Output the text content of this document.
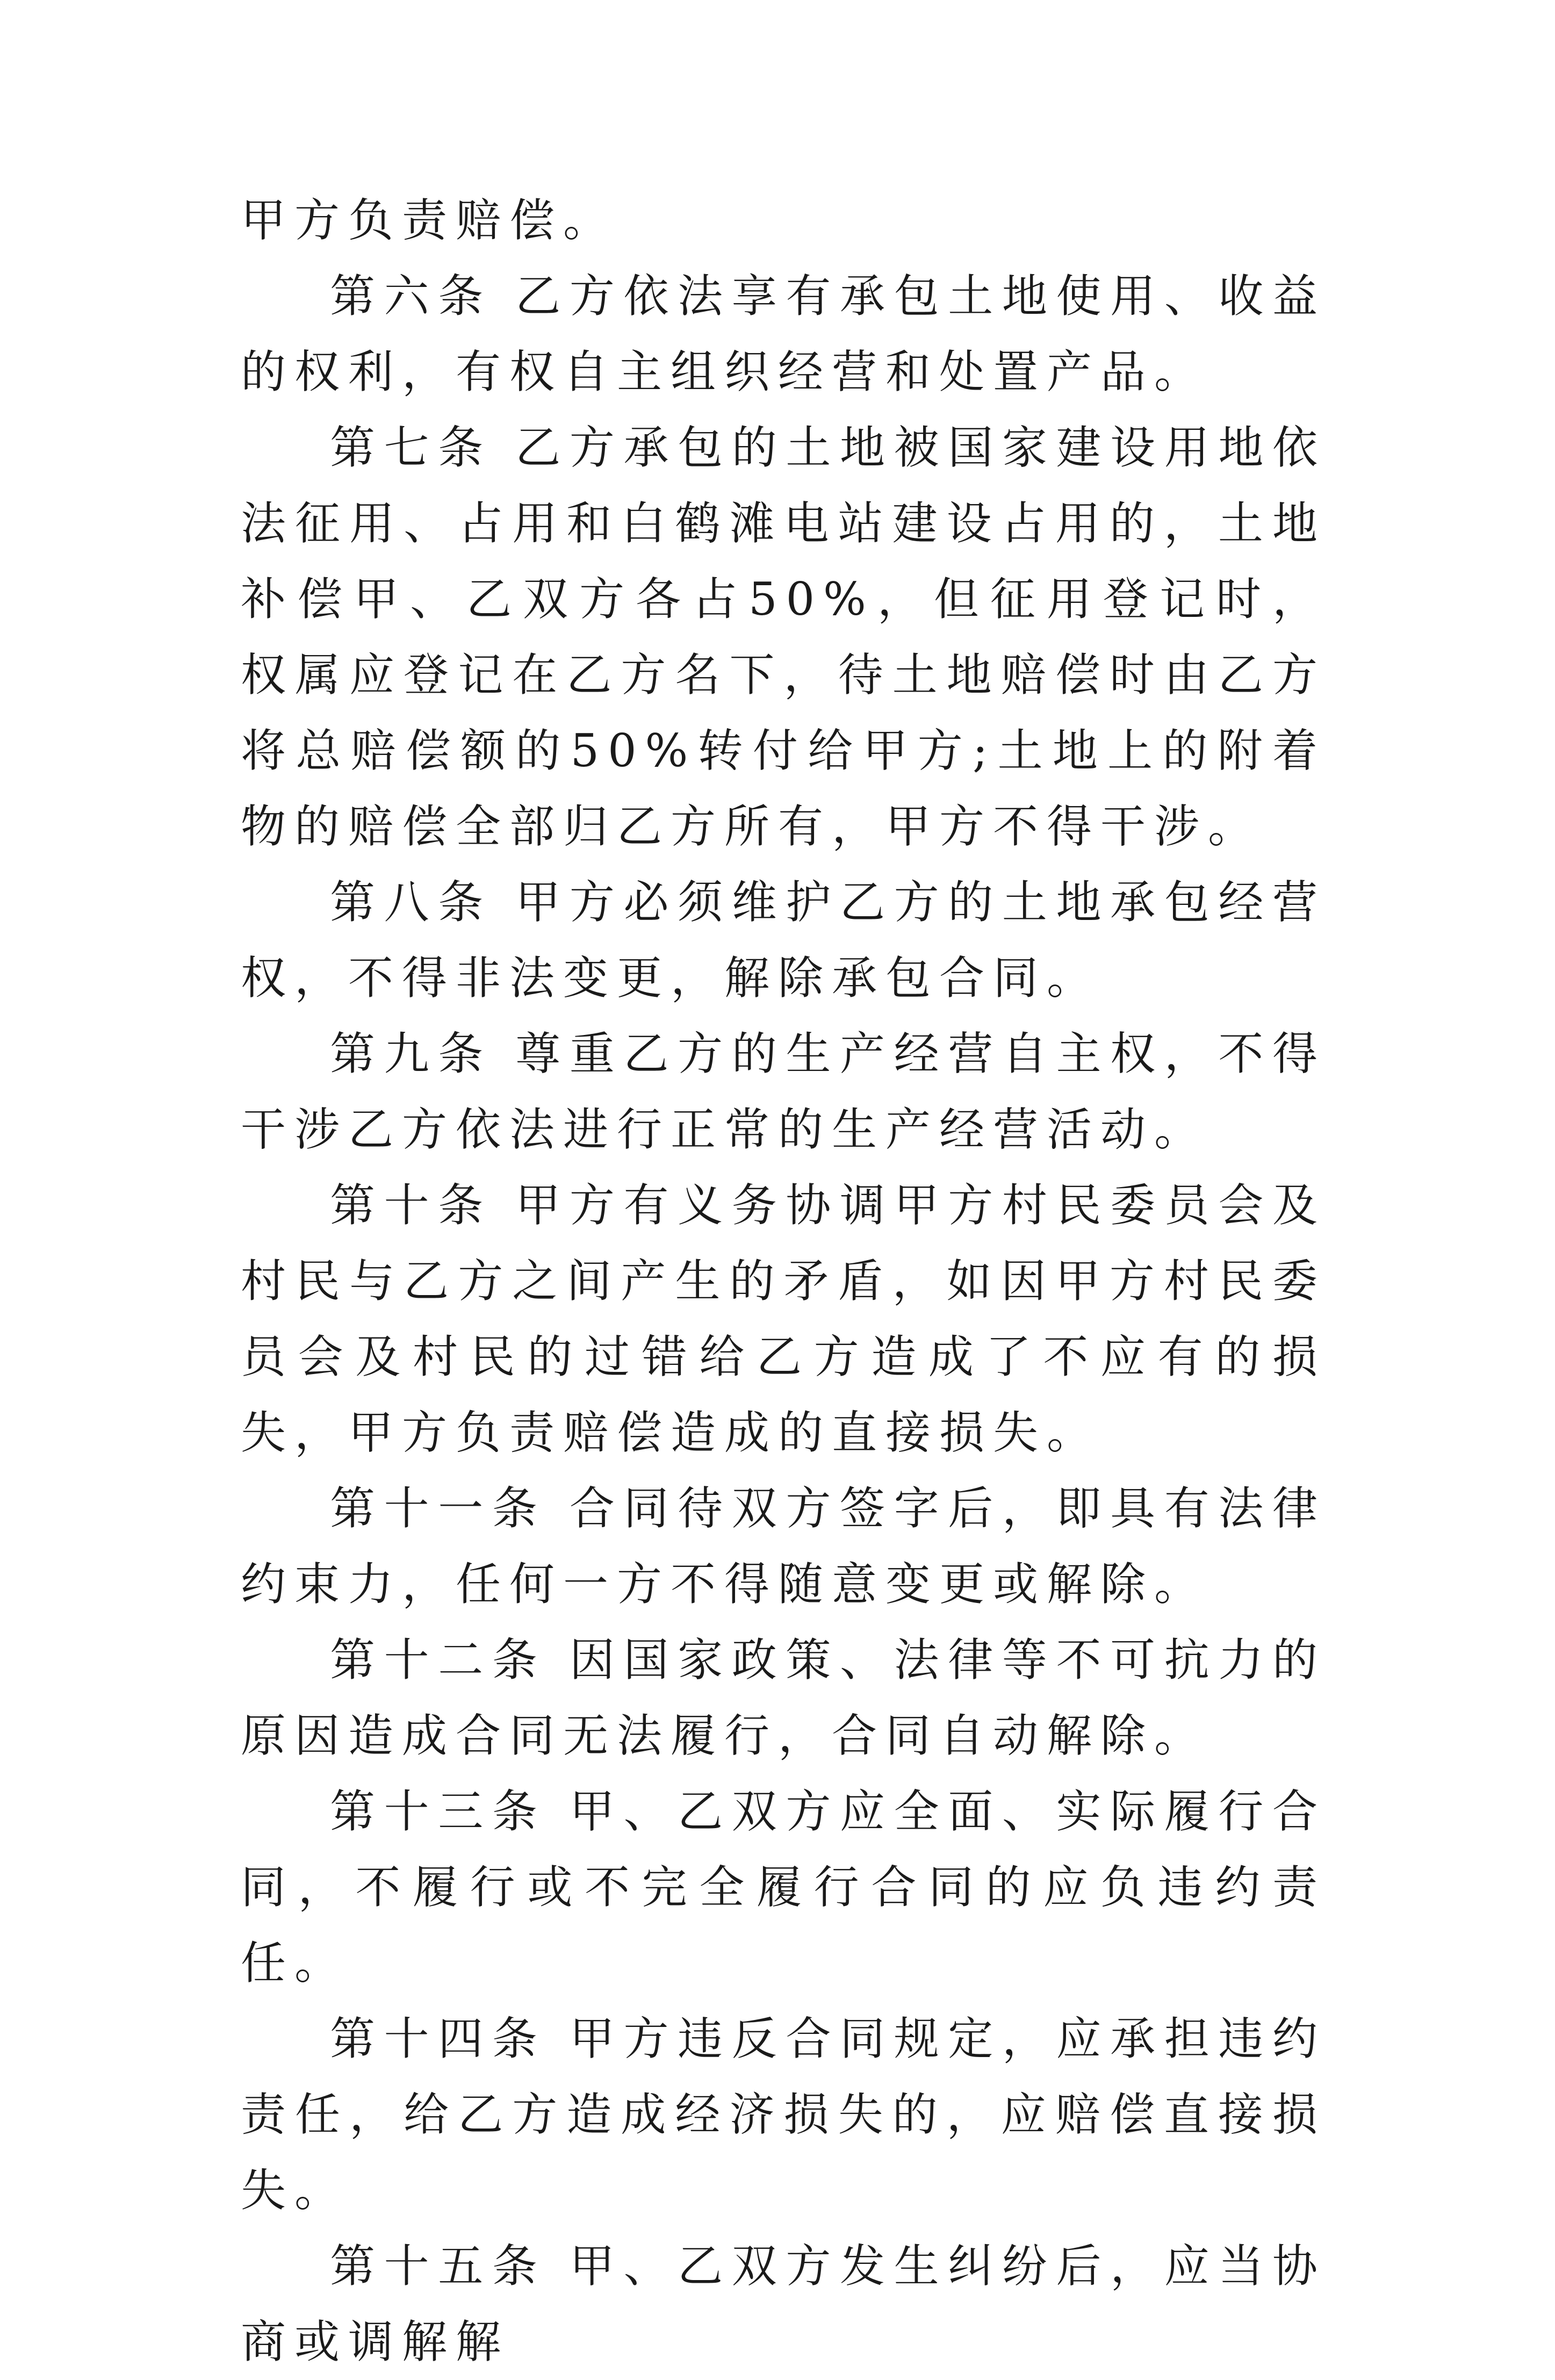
甲方负责赔偿。

第六条 乙方依法享有承包土地使用、收益的权利，有权自主组织经营和处置产品。

第七条 乙方承包的土地被国家建设用地依法征用、占用和白鹤滩电站建设占用的，土地补偿甲、乙双方各占50%，但征用登记时，权属应登记在乙方名下，待土地赔偿时由乙方将总赔偿额的50%转付给甲方;土地上的附着物的赔偿全部归乙方所有，甲方不得干涉。

第八条 甲方必须维护乙方的土地承包经营权，不得非法变更，解除承包合同。

第九条 尊重乙方的生产经营自主权，不得干涉乙方依法进行正常的生产经营活动。

第十条 甲方有义务协调甲方村民委员会及村民与乙方之间产生的矛盾，如因甲方村民委员会及村民的过错给乙方造成了不应有的损失，甲方负责赔偿造成的直接损失。

第十一条 合同待双方签字后，即具有法律约束力，任何一方不得随意变更或解除。

第十二条 因国家政策、法律等不可抗力的原因造成合同无法履行，合同自动解除。

第十三条 甲、乙双方应全面、实际履行合同，不履行或不完全履行合同的应负违约责任。

第十四条 甲方违反合同规定，应承担违约责任，给乙方造成经济损失的，应赔偿直接损失。

第十五条 甲、乙双方发生纠纷后，应当协商或调解解
